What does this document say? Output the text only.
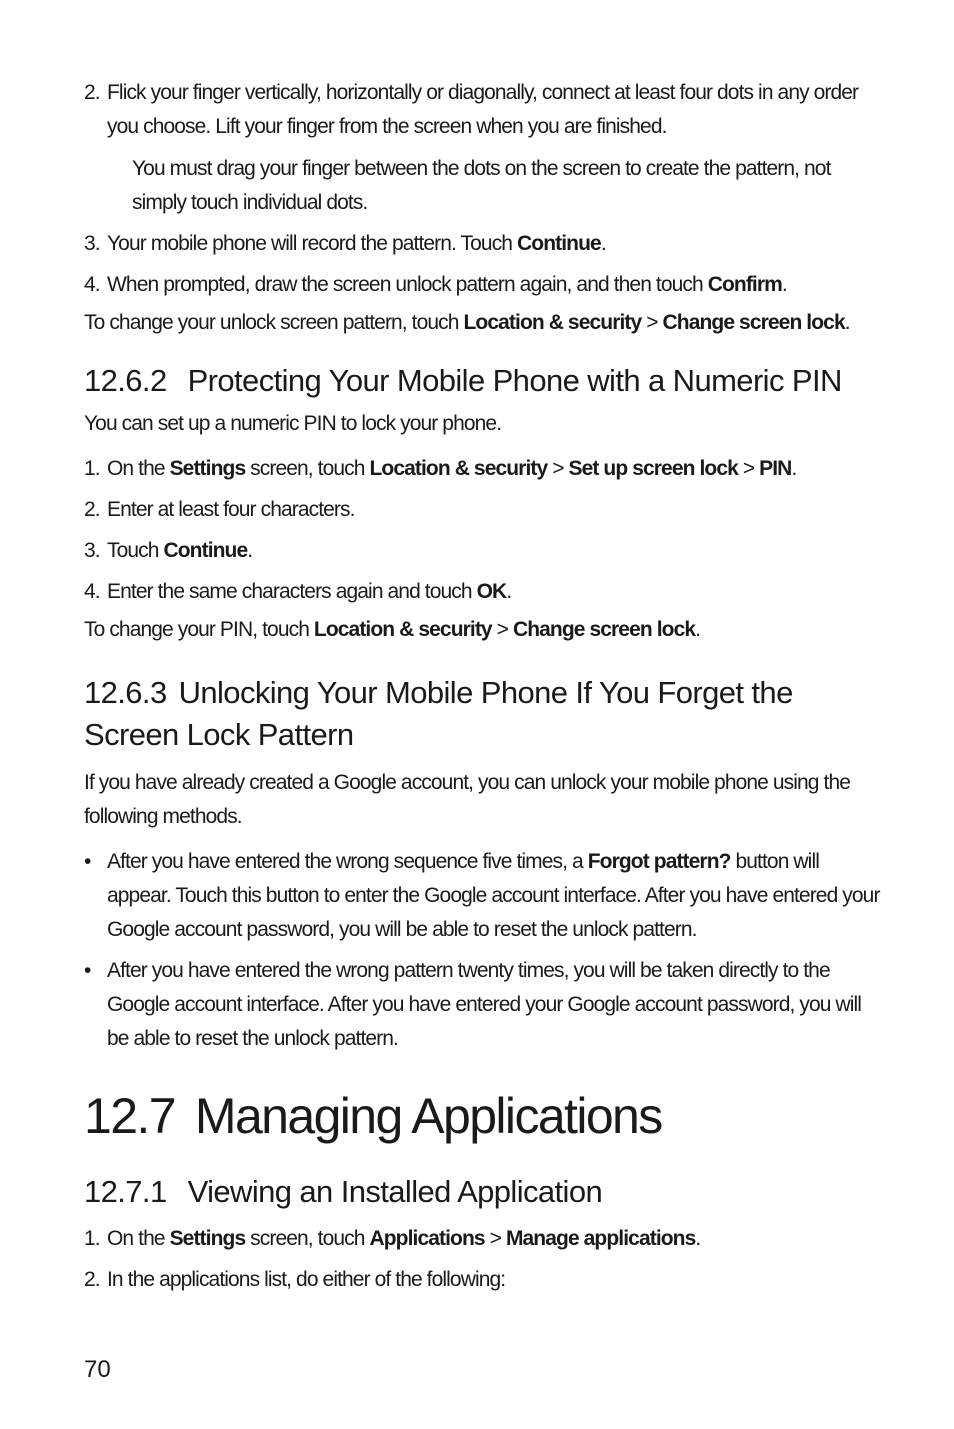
2. Flick your finger vertically, horizontally or diagonally, connect at least four dots in any order you choose. Lift your finger from the screen when you are finished.

You must drag your finger between the dots on the screen to create the pattern, not simply touch individual dots.

3. Your mobile phone will record the pattern. Touch Continue.

4. When prompted, draw the screen unlock pattern again, and then touch Confirm.

To change your unlock screen pattern, touch Location & security > Change screen lock.

12.6.2 Protecting Your Mobile Phone with a Numeric PIN

You can set up a numeric PIN to lock your phone.

1. On the Settings screen, touch Location & security > Set up screen lock > PIN.

2. Enter at least four characters.

3. Touch Continue.

4. Enter the same characters again and touch OK.

To change your PIN, touch Location & security > Change screen lock.

12.6.3 Unlocking Your Mobile Phone If You Forget the Screen Lock Pattern

If you have already created a Google account, you can unlock your mobile phone using the following methods.

• After you have entered the wrong sequence five times, a Forgot pattern? button will appear. Touch this button to enter the Google account interface. After you have entered your Google account password, you will be able to reset the unlock pattern.

• After you have entered the wrong pattern twenty times, you will be taken directly to the Google account interface. After you have entered your Google account password, you will be able to reset the unlock pattern.

12.7 Managing Applications
12.7.1 Viewing an Installed Application

1. On the Settings screen, touch Applications > Manage applications.

2. In the applications list, do either of the following:

70
